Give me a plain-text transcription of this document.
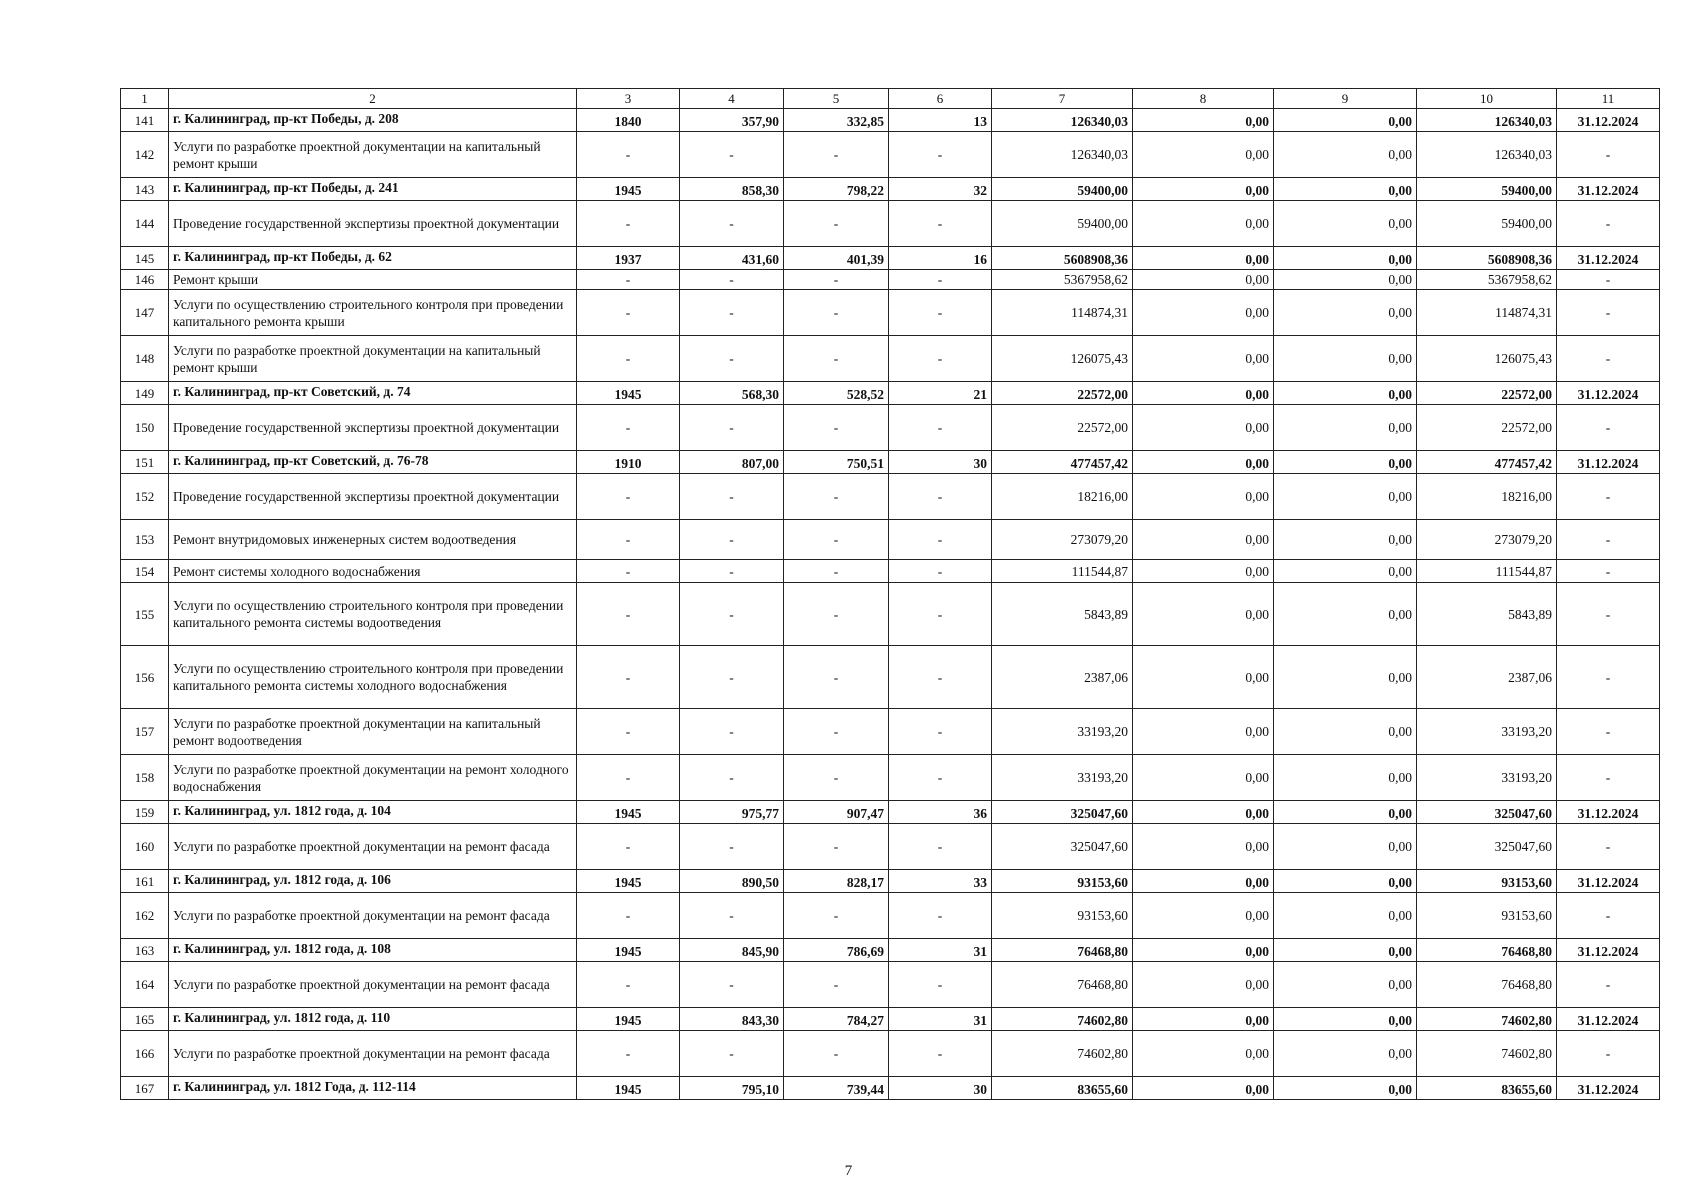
1	2	3	4	5	6	7	8	9	10	11
141	г. Калининград, пр-кт Победы, д. 208	1840	357,90	332,85	13	126340,03	0,00	0,00	126340,03	31.12.2024
142	Услуги по разработке проектной документации на капитальный ремонт крыши	-	-	-	-	126340,03	0,00	0,00	126340,03	-
143	г. Калининград, пр-кт Победы, д. 241	1945	858,30	798,22	32	59400,00	0,00	0,00	59400,00	31.12.2024
144	Проведение государственной экспертизы проектной документации	-	-	-	-	59400,00	0,00	0,00	59400,00	-
145	г. Калининград, пр-кт Победы, д. 62	1937	431,60	401,39	16	5608908,36	0,00	0,00	5608908,36	31.12.2024
146	Ремонт крыши	-	-	-	-	5367958,62	0,00	0,00	5367958,62	-
147	Услуги по осуществлению строительного контроля при проведении капитального ремонта крыши	-	-	-	-	114874,31	0,00	0,00	114874,31	-
148	Услуги по разработке проектной документации на капитальный ремонт крыши	-	-	-	-	126075,43	0,00	0,00	126075,43	-
149	г. Калининград, пр-кт Советский, д. 74	1945	568,30	528,52	21	22572,00	0,00	0,00	22572,00	31.12.2024
150	Проведение государственной экспертизы проектной документации	-	-	-	-	22572,00	0,00	0,00	22572,00	-
151	г. Калининград, пр-кт Советский, д. 76-78	1910	807,00	750,51	30	477457,42	0,00	0,00	477457,42	31.12.2024
152	Проведение государственной экспертизы проектной документации	-	-	-	-	18216,00	0,00	0,00	18216,00	-
153	Ремонт внутридомовых инженерных систем водоотведения	-	-	-	-	273079,20	0,00	0,00	273079,20	-
154	Ремонт системы холодного водоснабжения	-	-	-	-	111544,87	0,00	0,00	111544,87	-
155	Услуги по осуществлению строительного контроля при проведении капитального ремонта системы водоотведения	-	-	-	-	5843,89	0,00	0,00	5843,89	-
156	Услуги по осуществлению строительного контроля при проведении капитального ремонта системы холодного водоснабжения	-	-	-	-	2387,06	0,00	0,00	2387,06	-
157	Услуги по разработке проектной документации на капитальный ремонт водоотведения	-	-	-	-	33193,20	0,00	0,00	33193,20	-
158	Услуги по разработке проектной документации на ремонт холодного водоснабжения	-	-	-	-	33193,20	0,00	0,00	33193,20	-
159	г. Калининград, ул. 1812 года, д. 104	1945	975,77	907,47	36	325047,60	0,00	0,00	325047,60	31.12.2024
160	Услуги по разработке проектной документации на ремонт фасада	-	-	-	-	325047,60	0,00	0,00	325047,60	-
161	г. Калининград, ул. 1812 года, д. 106	1945	890,50	828,17	33	93153,60	0,00	0,00	93153,60	31.12.2024
162	Услуги по разработке проектной документации на ремонт фасада	-	-	-	-	93153,60	0,00	0,00	93153,60	-
163	г. Калининград, ул. 1812 года, д. 108	1945	845,90	786,69	31	76468,80	0,00	0,00	76468,80	31.12.2024
164	Услуги по разработке проектной документации на ремонт фасада	-	-	-	-	76468,80	0,00	0,00	76468,80	-
165	г. Калининград, ул. 1812 года, д. 110	1945	843,30	784,27	31	74602,80	0,00	0,00	74602,80	31.12.2024
166	Услуги по разработке проектной документации на ремонт фасада	-	-	-	-	74602,80	0,00	0,00	74602,80	-
167	г. Калининград, ул. 1812 Года, д. 112-114	1945	795,10	739,44	30	83655,60	0,00	0,00	83655,60	31.12.2024
7
